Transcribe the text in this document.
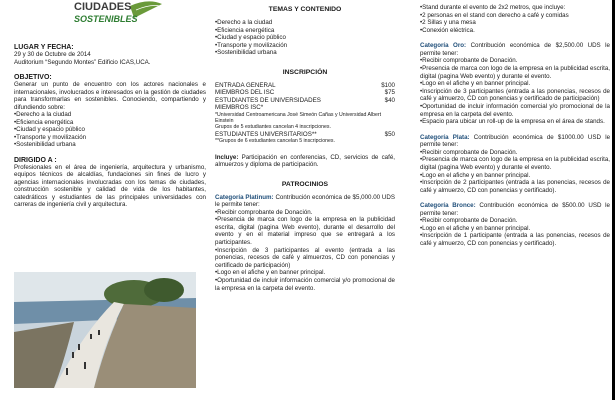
CIUDADES
SOSTENIBLES
LUGAR Y FECHA:
29 y 30 de Octubre de 2014
Auditorium “Segundo Montes” Edificio ICAS,UCA.
OBJETIVO:
Generar un punto de encuentro con los actores nacionales e internacionales, involucrados e interesados en la gestión de ciudades para transformarlas en sostenibles. Conociendo, compartiendo y difundiendo sobre:
• Derecho a la ciudad
• Eficiencia energética
• Ciudad y espacio público
• Transporte y movilización
• Sostenibilidad urbana
DIRIGIDO A :
Profesionales en el área de ingeniería, arquitectura y urbanismo, equipos técnicos de alcaldías, fundaciones sin fines de lucro y agencias internacionales involucradas con los temas de ciudades, construcción sostenible y calidad de vida de los habitantes, catedráticos y estudiantes de las principales universidades con carreras de ingeniería civil y arquitectura.
TEMAS Y CONTENIDO
• Derecho a la ciudad
• Eficiencia energética
• Ciudad y espacio público
• Transporte y movilización
• Sostenibilidad urbana
INSCRIPCIÓN
ENTRADA GENERAL	$100
MIEMBROS DEL ISC	$75
ESTUDIANTES DE UNIVERSIDADES	$40
MIEMBROS ISC*
*Universidad Centroamericana José Simeón Cañas y Universidad Albert Einstein
Grupos de 5 estudiantes cancelan 4 inscripciones.
ESTUDIANTES UNIVERSITARIOS**	$50
**Grupos de 6 estudiantes cancelan 5 inscripciones.
Incluye: Participación en conferencias, CD, servicios de café, almuerzos y diploma de participación.
PATROCINIOS
Categoría Platinum: Contribución económica de $5,000.00 UDS le permite tener:
• Recibir comprobante de Donación.
• Presencia de marca con logo de la empresa en la publicidad escrita, digital (pagina Web evento), durante el desarrollo del evento y en el material impreso que se entregará a los participantes.
• Inscripción de 3 participantes al evento (entrada a las ponencias, recesos de café y almuerzos, CD con ponencias y certificado de participación)
• Logo en el afiche y en banner principal.
• Oportunidad de incluir información comercial y/o promocional de la empresa en la carpeta del evento.
• Stand durante el evento de 2x2 metros, que incluye:
• 2 personas en el stand con derecho a café y comidas
• 2 Sillas y una mesa
• Conexión eléctrica.
Categoría Oro: Contribución económica de $2,500.00 UDS le permite tener:
• Recibir comprobante de Donación.
• Presencia de marca con logo de la empresa en la publicidad escrita, digital (pagina Web evento) y durante el evento.
• Logo en el afiche y en banner principal.
• Inscripción de 3 participantes (entrada a las ponencias, recesos de café y almuerzo, CD con ponencias y certificado de participación)
• Oportunidad de incluir información comercial y/o promocional de la empresa en la carpeta del evento.
• Espacio para ubicar un roll-up de la empresa en el área de stands.
Categoría Plata: Contribución económica de $1000.00 USD le permite tener:
• Recibir comprobante de Donación.
• Presencia de marca con logo de la empresa en la publicidad escrita, digital (pagina Web evento) y durante el evento.
• Logo en el afiche y en banner principal.
• Inscripción de 2 participantes (entrada a las ponencias, recesos de café y almuerzo, CD con ponencias y certificado).
Categoría Bronce: Contribución económica de $500.00 USD le permite tener:
• Recibir comprobante de Donación.
• Logo en el afiche y en banner principal.
• Inscripción de 1 participante (entrada a las ponencias, recesos de café y almuerzo, CD con ponencias y certificado).
